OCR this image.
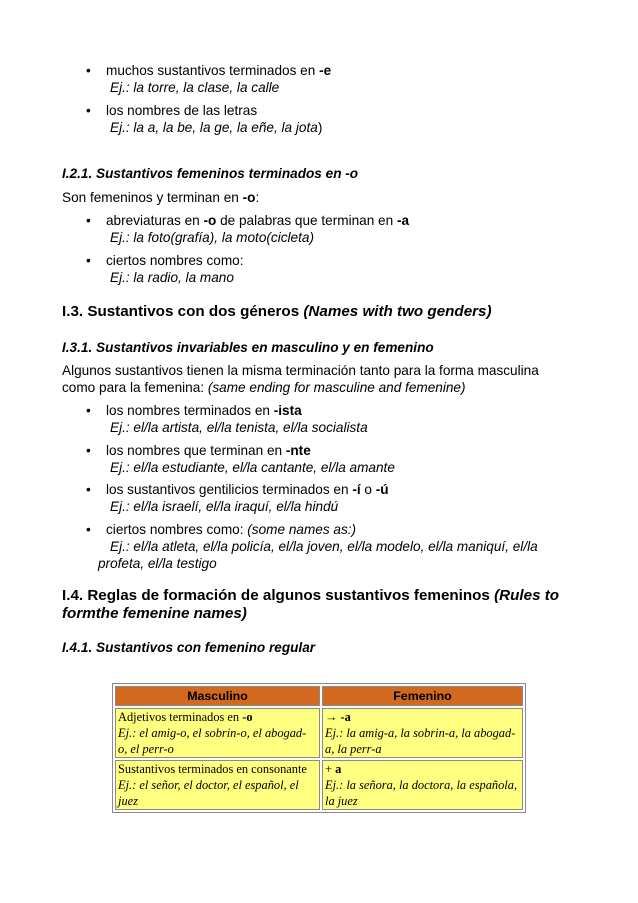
• muchos sustantivos terminados en -e
Ej.: la torre, la clase, la calle
• los nombres de las letras
Ej.: la a, la be, la ge, la eñe, la jota)
I.2.1. Sustantivos femeninos terminados en -o
Son femeninos y terminan en -o:
• abreviaturas en -o de palabras que terminan en -a
Ej.: la foto(grafía), la moto(cicleta)
• ciertos nombres como:
Ej.: la radio, la mano
I.3. Sustantivos con dos géneros (Names with two genders)
I.3.1. Sustantivos invariables en masculino y en femenino
Algunos sustantivos tienen la misma terminación tanto para la forma masculina
como para la femenina: (same ending for masculine and femenine)
• los nombres terminados en -ista
Ej.: el/la artista, el/la tenista, el/la socialista
• los nombres que terminan en -nte
Ej.: el/la estudiante, el/la cantante, el/la amante
• los sustantivos gentilicios terminados en -í o -ú
Ej.: el/la israelí, el/la iraquí, el/la hindú
• ciertos nombres como: (some names as:)
Ej.: el/la atleta, el/la policía, el/la joven, el/la modelo, el/la maniquí, el/la
profeta, el/la testigo
I.4. Reglas de formación de algunos sustantivos femeninos (Rules to
formthe femenine names)
I.4.1. Sustantivos con femenino regular
Masculino	Femenino

Adjetivos terminados en -o
Ej.: el amig-o, el sobrin-o, el abogad-
o, el perr-o	→ -a
Ej.: la amig-a, la sobrin-a, la abogad-
a, la perr-a

Sustantivos terminados en consonante
Ej.: el señor, el doctor, el español, el
juez	+ a
Ej.: la señora, la doctora, la española,
la juez
